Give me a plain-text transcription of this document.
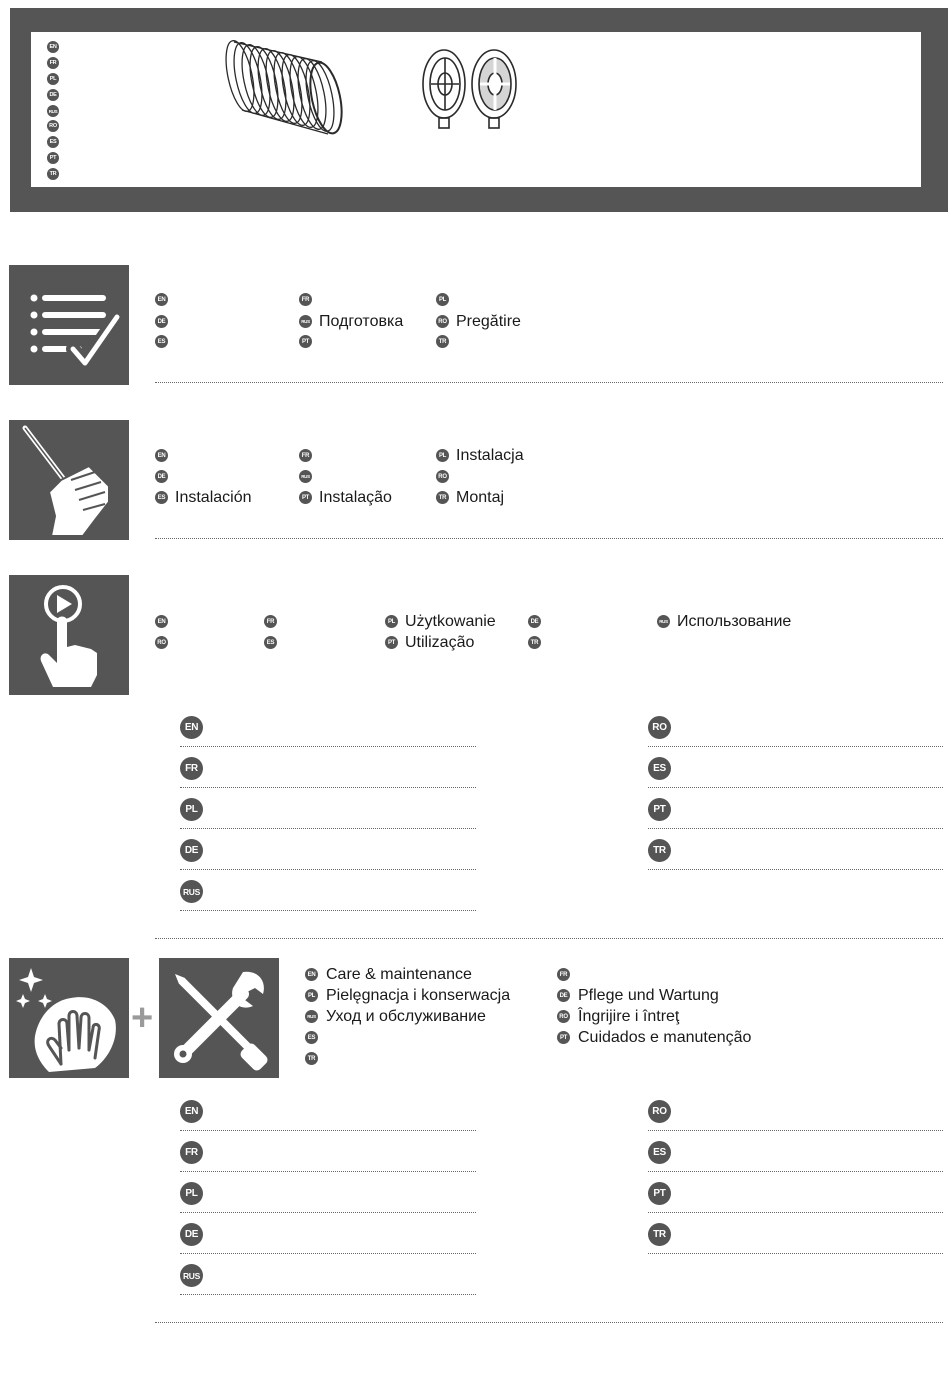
EN
FR
PL
DE
RUS
RO
ES
PT
TR
EN	FR	PL
DE	RUS Подготовка	RO Pregătire
ES	PT	TR
EN	FR	PL Instalacja
DE	RUS	RO
ES Instalación	PT Instalação	TR Montaj
EN	FR	PL Użytkowanie	DE	RUS Использование
RO	ES	PT Utilização	TR
EN
FR
PL
DE
RUS
RO
ES
PT
TR
+
EN Care & maintenance
PL Pielęgnacja i konserwacja
RUS Уход и обслуживание
ES
TR
FR
DE Pflege und Wartung
RO Îngrijire i întreţ
PT Cuidados e manutenção
EN
FR
PL
DE
RUS
RO
ES
PT
TR
